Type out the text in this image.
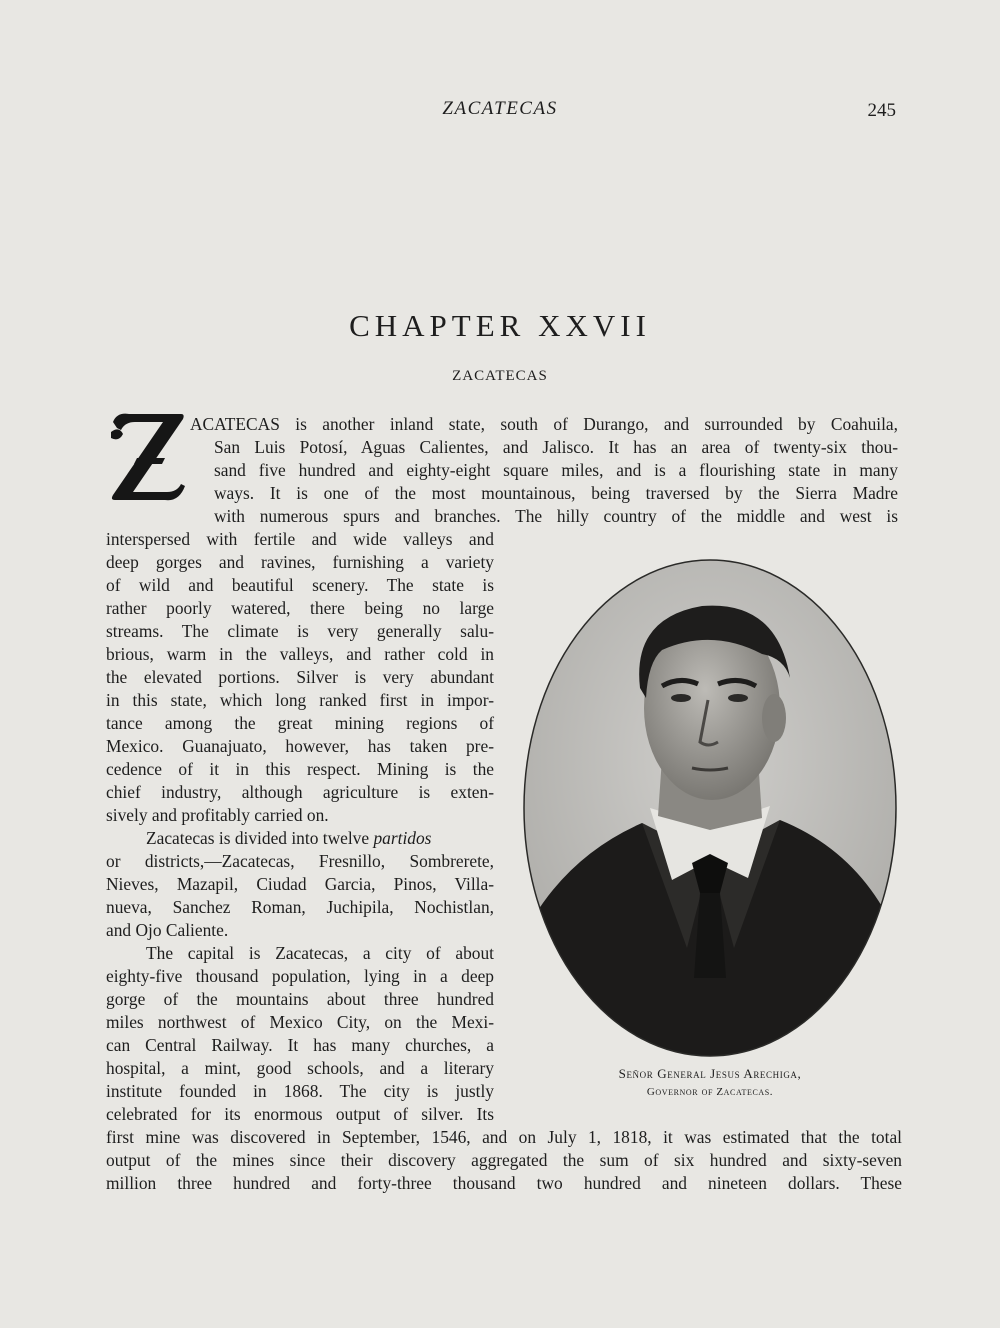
ZACATECAS	245
CHAPTER XXVII
ZACATECAS
ACATECAS is another inland state, south of Durango, and surrounded by Coahuila,
San Luis Potosí, Aguas Calientes, and Jalisco. It has an area of twenty-six thou-
sand five hundred and eighty-eight square miles, and is a flourishing state in many
ways. It is one of the most mountainous, being traversed by the Sierra Madre
with numerous spurs and branches. The hilly country of the middle and west is
interspersed with fertile and wide valleys and
deep gorges and ravines, furnishing a variety
of wild and beautiful scenery. The state is
rather poorly watered, there being no large
streams. The climate is very generally salu-
brious, warm in the valleys, and rather cold in
the elevated portions. Silver is very abundant
in this state, which long ranked first in impor-
tance among the great mining regions of
Mexico. Guanajuato, however, has taken pre-
cedence of it in this respect. Mining is the
chief industry, although agriculture is exten-
sively and profitably carried on.
Zacatecas is divided into twelve partidos
or districts,—Zacatecas, Fresnillo, Sombrerete,
Nieves, Mazapil, Ciudad Garcia, Pinos, Villa-
nueva, Sanchez Roman, Juchipila, Nochistlan,
and Ojo Caliente.
The capital is Zacatecas, a city of about
eighty-five thousand population, lying in a deep
gorge of the mountains about three hundred
miles northwest of Mexico City, on the Mexi-
can Central Railway. It has many churches, a
hospital, a mint, good schools, and a literary
institute founded in 1868. The city is justly
celebrated for its enormous output of silver. Its
first mine was discovered in September, 1546, and on July 1, 1818, it was estimated that the total
output of the mines since their discovery aggregated the sum of six hundred and sixty-seven
million three hundred and forty-three thousand two hundred and nineteen dollars. These
Señor General Jesus Arechiga,
Governor of Zacatecas.
